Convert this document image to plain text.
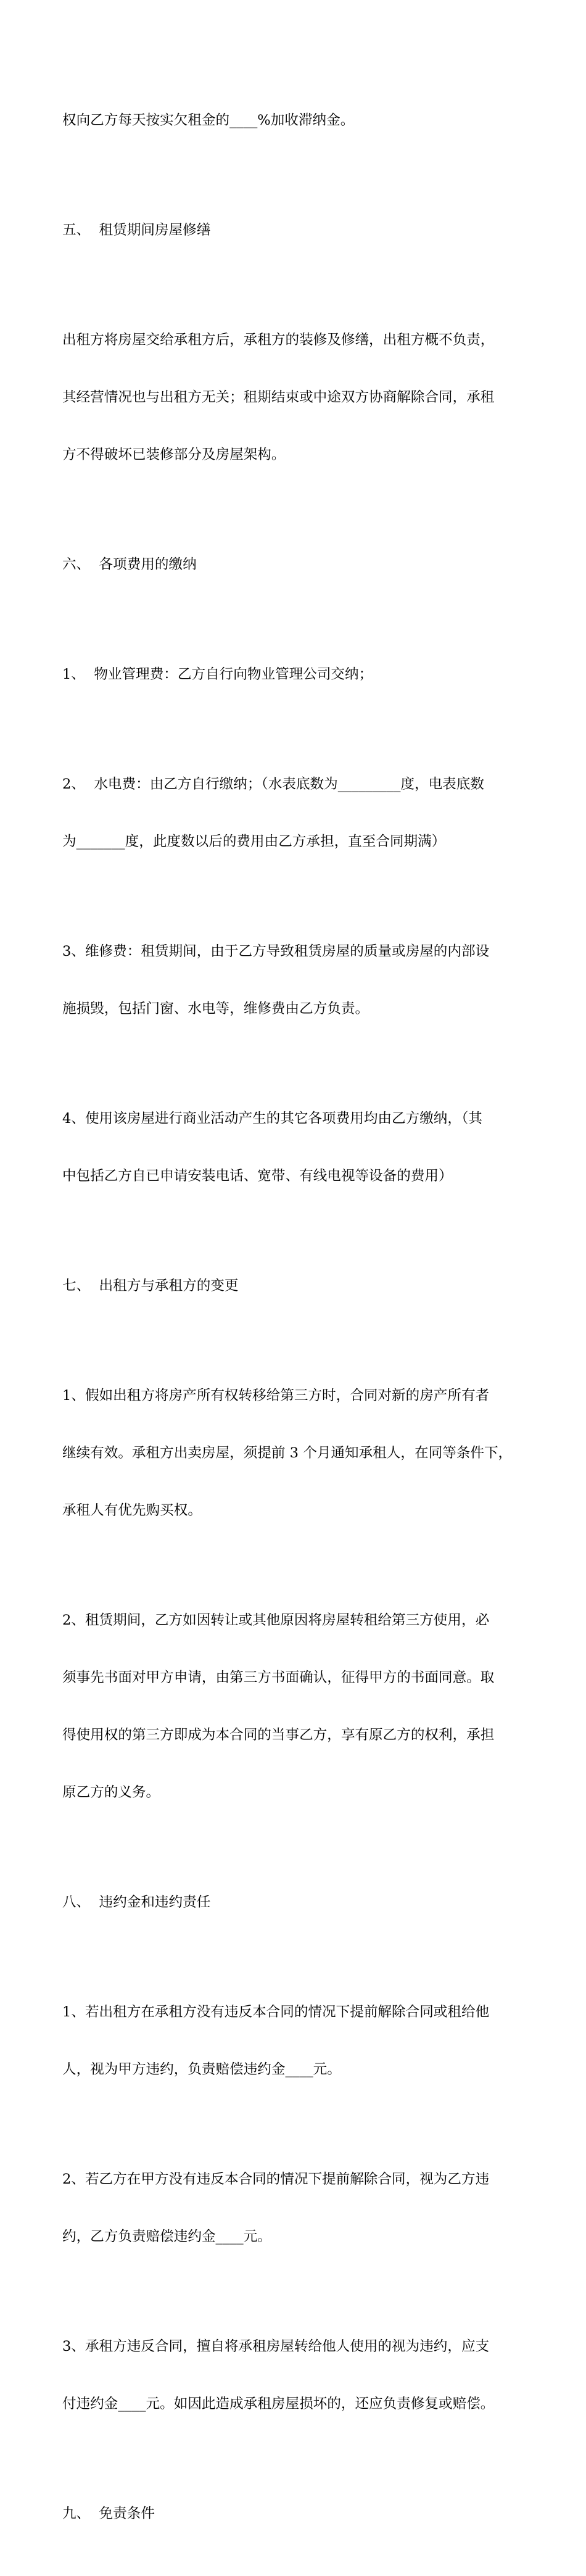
权向乙方每天按实欠租金的____%加收滞纳金。

五、  租赁期间房屋修缮

出租方将房屋交给承租方后，承租方的装修及修缮，出租方概不负责，

其经营情况也与出租方无关；租期结束或中途双方协商解除合同，承租

方不得破坏已装修部分及房屋架构。

六、  各项费用的缴纳

1、  物业管理费：乙方自行向物业管理公司交纳；

2、  水电费：由乙方自行缴纳；（水表底数为_________度，电表底数

为_______度，此度数以后的费用由乙方承担，直至合同期满）

3、维修费：租赁期间，由于乙方导致租赁房屋的质量或房屋的内部设

施损毁，包括门窗、水电等，维修费由乙方负责。

4、使用该房屋进行商业活动产生的其它各项费用均由乙方缴纳，（其

中包括乙方自已申请安装电话、宽带、有线电视等设备的费用）

七、  出租方与承租方的变更

1、假如出租方将房产所有权转移给第三方时，合同对新的房产所有者

继续有效。承租方出卖房屋，须提前 3 个月通知承租人，在同等条件下，

承租人有优先购买权。

2、租赁期间，乙方如因转让或其他原因将房屋转租给第三方使用，必

须事先书面对甲方申请，由第三方书面确认，征得甲方的书面同意。取

得使用权的第三方即成为本合同的当事乙方，享有原乙方的权利，承担

原乙方的义务。

八、  违约金和违约责任

1、若出租方在承租方没有违反本合同的情况下提前解除合同或租给他

人，视为甲方违约，负责赔偿违约金____元。

2、若乙方在甲方没有违反本合同的情况下提前解除合同，视为乙方违

约，乙方负责赔偿违约金____元。

3、承租方违反合同，擅自将承租房屋转给他人使用的视为违约，应支

付违约金____元。如因此造成承租房屋损坏的，还应负责修复或赔偿。

九、  免责条件
